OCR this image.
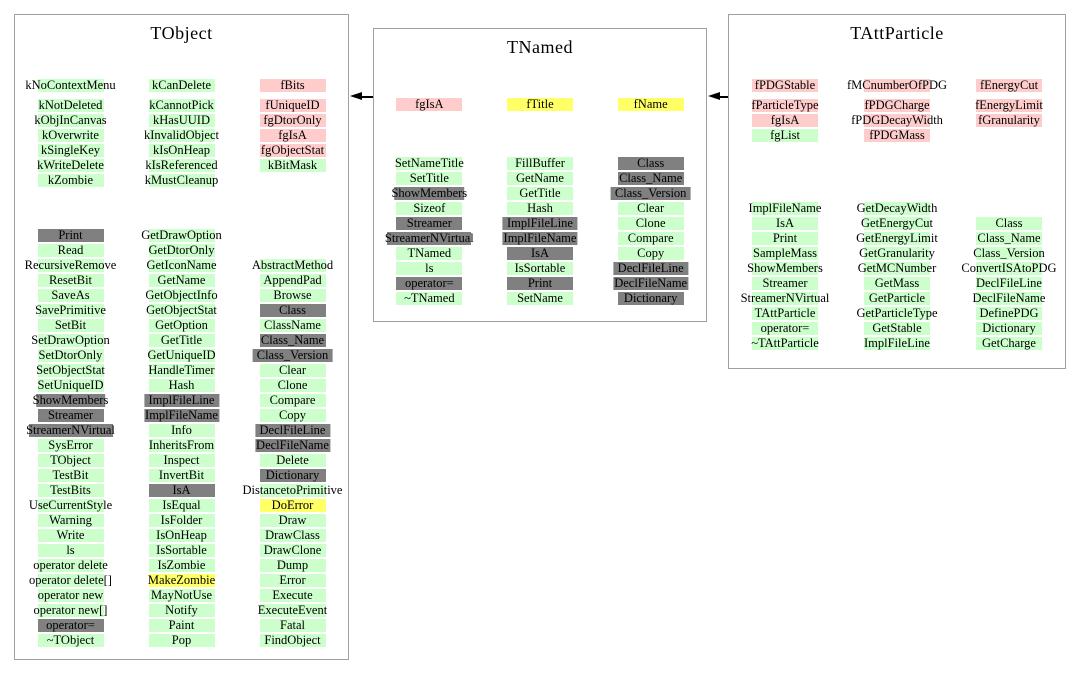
TObject
kNoContextMenu
kNotDeleted
kObjInCanvas
kOverwrite
kSingleKey
kWriteDelete
kZombie
kCanDelete
kCannotPick
kHasUUID
kInvalidObject
kIsOnHeap
kIsReferenced
kMustCleanup
fBits
fUniqueID
fgDtorOnly
fgIsA
fgObjectStat
kBitMask
Print
Read
RecursiveRemove
ResetBit
SaveAs
SavePrimitive
SetBit
SetDrawOption
SetDtorOnly
SetObjectStat
SetUniqueID
ShowMembers
Streamer
StreamerNVirtual
SysError
TObject
TestBit
TestBits
UseCurrentStyle
Warning
Write
ls
operator delete
operator delete[]
operator new
operator new[]
operator=
~TObject
GetDrawOption
GetDtorOnly
GetIconName
GetName
GetObjectInfo
GetObjectStat
GetOption
GetTitle
GetUniqueID
HandleTimer
Hash
ImplFileLine
ImplFileName
Info
InheritsFrom
Inspect
InvertBit
IsA
IsEqual
IsFolder
IsOnHeap
IsSortable
IsZombie
MakeZombie
MayNotUse
Notify
Paint
Pop
AbstractMethod
AppendPad
Browse
Class
ClassName
Class_Name
Class_Version
Clear
Clone
Compare
Copy
DeclFileLine
DeclFileName
Delete
Dictionary
DistancetoPrimitive
DoError
Draw
DrawClass
DrawClone
Dump
Error
Execute
ExecuteEvent
Fatal
FindObject
TNamed
fgIsA	fTitle	fName
SetNameTitle
SetTitle
ShowMembers
Sizeof
Streamer
StreamerNVirtual
TNamed
ls
operator=
~TNamed
FillBuffer
GetName
GetTitle
Hash
ImplFileLine
ImplFileName
IsA
IsSortable
Print
SetName
Class
Class_Name
Class_Version
Clear
Clone
Compare
Copy
DeclFileLine
DeclFileName
Dictionary
TAttParticle
fPDGStable
fParticleType
fgIsA
fgList
fMCnumberOfPDG
fPDGCharge
fPDGDecayWidth
fPDGMass
fEnergyCut
fEnergyLimit
fGranularity
ImplFileName
IsA
Print
SampleMass
ShowMembers
Streamer
StreamerNVirtual
TAttParticle
operator=
~TAttParticle
GetDecayWidth
GetEnergyCut
GetEnergyLimit
GetGranularity
GetMCNumber
GetMass
GetParticle
GetParticleType
GetStable
ImplFileLine
Class
Class_Name
Class_Version
ConvertISAtoPDG
DeclFileLine
DeclFileName
DefinePDG
Dictionary
GetCharge
